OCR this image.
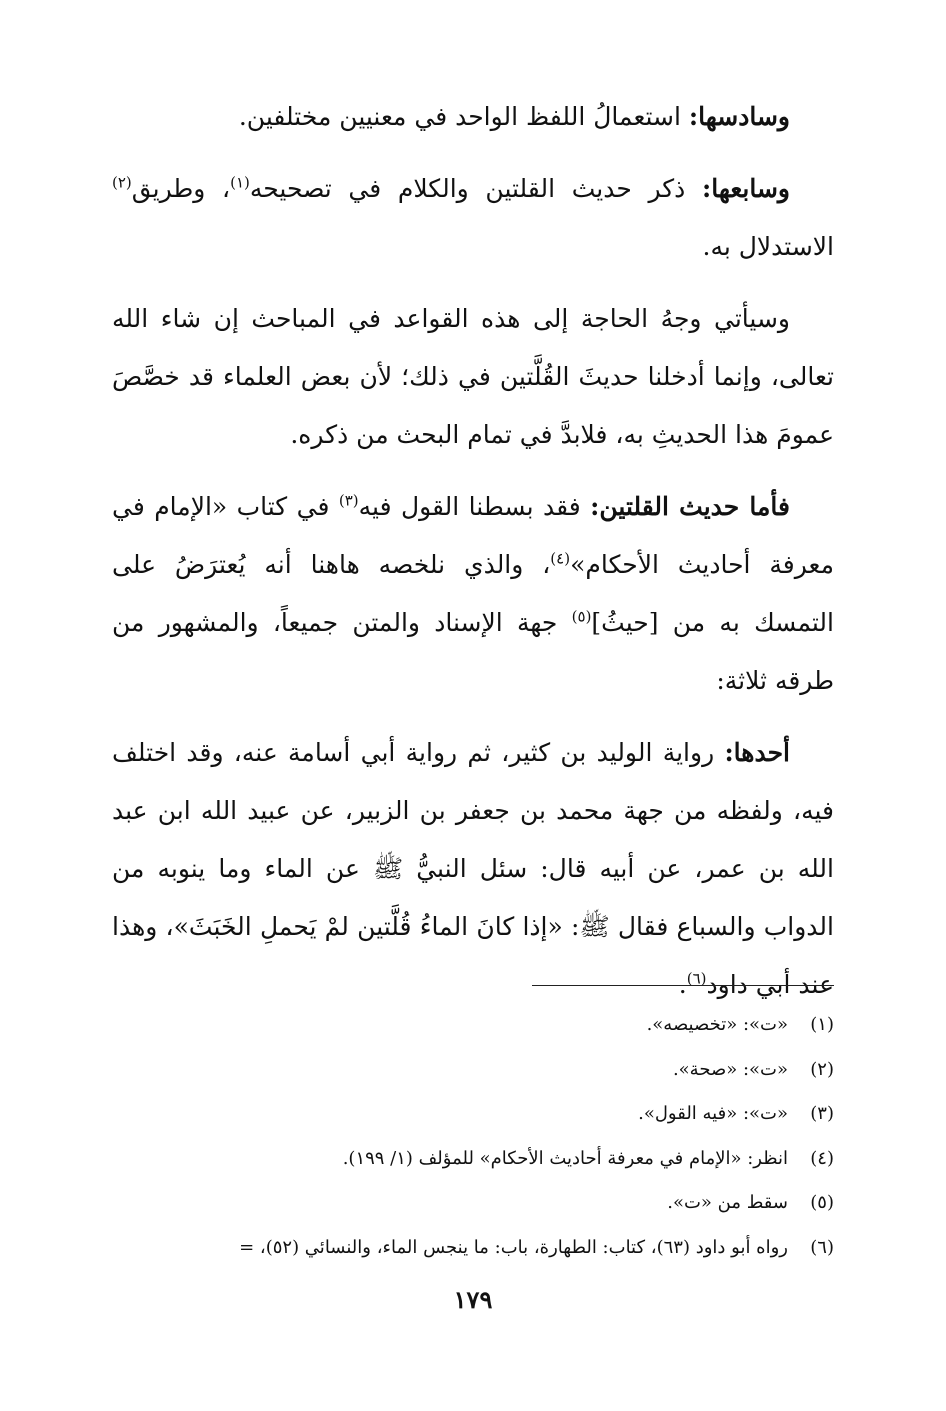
وسادسها: استعمالُ اللفظ الواحد في معنيين مختلفين.

وسابعها: ذكر حديث القلتين والكلام في تصحيحه$^{(١)}$، وطريق$^{(٢)}$ الاستدلال به.

وسيأتي وجهُ الحاجة إلى هذه القواعد في المباحث إن شاء الله تعالى، وإنما أدخلنا حديثَ القُلَّتين في ذلك؛ لأن بعض العلماء قد خصَّصَ عمومَ هذا الحديثِ به، فلابدَّ في تمام البحث من ذكره.

فأما حديث القلتين: فقد بسطنا القول فيه$^{(٣)}$ في كتاب «الإمام في معرفة أحاديث الأحكام»$^{(٤)}$، والذي نلخصه هاهنا أنه يُعترَضُ على التمسك به من [حيثُ]$^{(٥)}$ جهة الإسناد والمتن جميعاً، والمشهور من طرقه ثلاثة:

أحدها: رواية الوليد بن كثير، ثم رواية أبي أسامة عنه، وقد اختلف فيه، ولفظه من جهة محمد بن جعفر بن الزبير، عن عبيد الله ابن عبد الله بن عمر، عن أبيه قال: سئل النبيُّ ﷺ عن الماء وما ينوبه من الدواب والسباع فقال ﷺ: «إذا كانَ الماءُ قُلَّتين لمْ يَحملِ الخَبَثَ»، وهذا عند أبي داود$^{(٦)}$.

(١)
«ت»: «تخصيصه».
(٢)
«ت»: «صحة».
(٣)
«ت»: «فيه القول».
(٤)
انظر: «الإمام في معرفة أحاديث الأحكام» للمؤلف (١/ ١٩٩).
(٥)
سقط من «ت».
(٦)
رواه أبو داود (٦٣)، كتاب: الطهارة، باب: ما ينجس الماء، والنسائي (٥٢)، =
١٧٩
